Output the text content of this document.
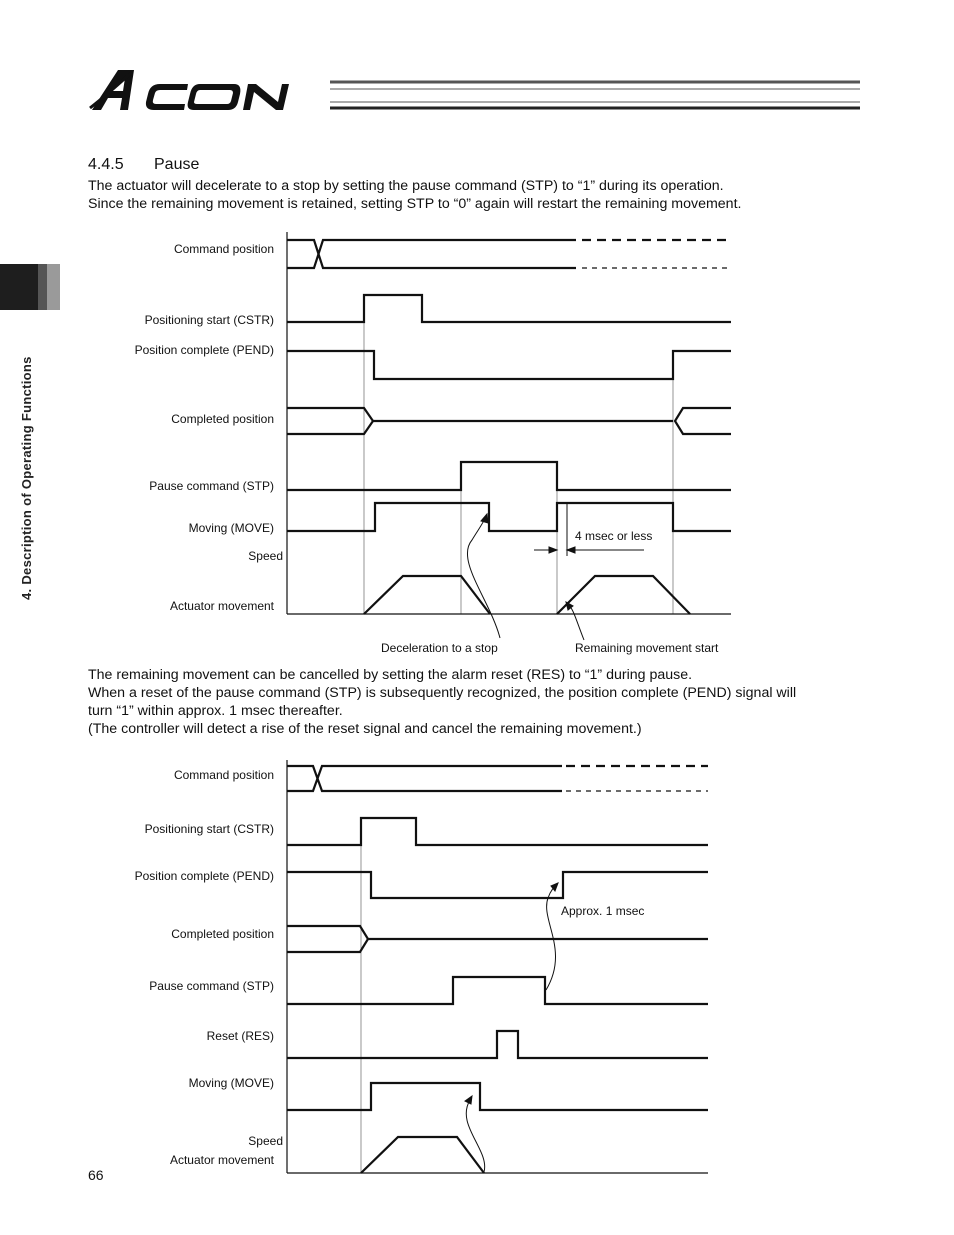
ACON
4. Description of Operating Functions
4.4.5 Pause
The actuator will decelerate to a stop by setting the pause command (STP) to “1” during its operation.
Since the remaining movement is retained, setting STP to “0” again will restart the remaining movement.
The remaining movement can be cancelled by setting the alarm reset (RES) to “1” during pause.
When a reset of the pause command (STP) is subsequently recognized, the position complete (PEND) signal will
turn “1” within approx. 1 msec thereafter.
(The controller will detect a rise of the reset signal and cancel the remaining movement.)
Command position
Positioning start (CSTR)
Position complete (PEND)
Completed position
Pause command (STP)
Moving (MOVE)
Speed
Actuator movement
4 msec or less
Deceleration to a stop	Remaining movement start
Command position
Positioning start (CSTR)
Position complete (PEND)
Completed position
Pause command (STP)
Reset (RES)
Moving (MOVE)
Speed
Actuator movement
Approx. 1 msec
66
